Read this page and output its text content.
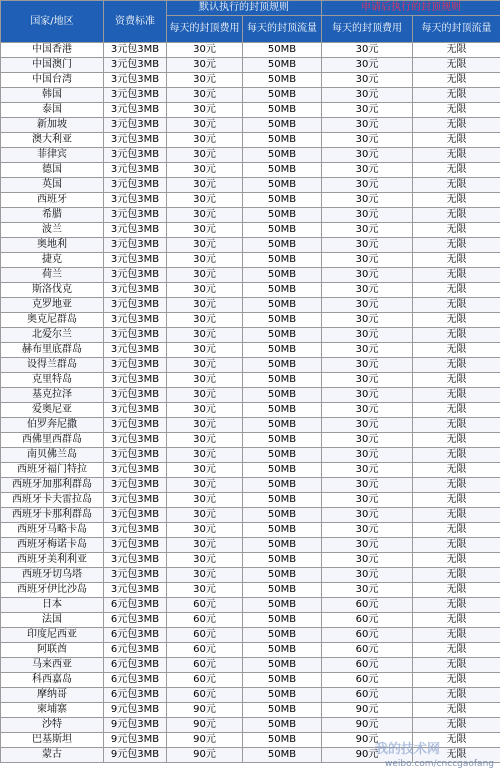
国家/地区	资费标准	默认执行的封顶规则		申请后执行的封顶规则	
		每天的封顶费用	每天的封顶流量	每天的封顶费用	每天的封顶流量
中国香港	3元包3MB	30元	50MB	30元	无限
中国澳门	3元包3MB	30元	50MB	30元	无限
中国台湾	3元包3MB	30元	50MB	30元	无限
韩国	3元包3MB	30元	50MB	30元	无限
泰国	3元包3MB	30元	50MB	30元	无限
新加坡	3元包3MB	30元	50MB	30元	无限
澳大利亚	3元包3MB	30元	50MB	30元	无限
菲律宾	3元包3MB	30元	50MB	30元	无限
德国	3元包3MB	30元	50MB	30元	无限
英国	3元包3MB	30元	50MB	30元	无限
西班牙	3元包3MB	30元	50MB	30元	无限
希腊	3元包3MB	30元	50MB	30元	无限
波兰	3元包3MB	30元	50MB	30元	无限
奥地利	3元包3MB	30元	50MB	30元	无限
捷克	3元包3MB	30元	50MB	30元	无限
荷兰	3元包3MB	30元	50MB	30元	无限
斯洛伐克	3元包3MB	30元	50MB	30元	无限
克罗地亚	3元包3MB	30元	50MB	30元	无限
奥克尼群岛	3元包3MB	30元	50MB	30元	无限
北爱尔兰	3元包3MB	30元	50MB	30元	无限
赫布里底群岛	3元包3MB	30元	50MB	30元	无限
设得兰群岛	3元包3MB	30元	50MB	30元	无限
克里特岛	3元包3MB	30元	50MB	30元	无限
基克拉泽	3元包3MB	30元	50MB	30元	无限
爱奥尼亚	3元包3MB	30元	50MB	30元	无限
伯罗奔尼撒	3元包3MB	30元	50MB	30元	无限
西佛里西群岛	3元包3MB	30元	50MB	30元	无限
南贝佛兰岛	3元包3MB	30元	50MB	30元	无限
西班牙福门特拉	3元包3MB	30元	50MB	30元	无限
西班牙加那利群岛	3元包3MB	30元	50MB	30元	无限
西班牙卡夫雷拉岛	3元包3MB	30元	50MB	30元	无限
西班牙卡那利群岛	3元包3MB	30元	50MB	30元	无限
西班牙马略卡岛	3元包3MB	30元	50MB	30元	无限
西班牙梅诺卡岛	3元包3MB	30元	50MB	30元	无限
西班牙美利利亚	3元包3MB	30元	50MB	30元	无限
西班牙切乌塔	3元包3MB	30元	50MB	30元	无限
西班牙伊比沙岛	3元包3MB	30元	50MB	30元	无限
日本	6元包3MB	60元	50MB	60元	无限
法国	6元包3MB	60元	50MB	60元	无限
印度尼西亚	6元包3MB	60元	50MB	60元	无限
阿联酋	6元包3MB	60元	50MB	60元	无限
马来西亚	6元包3MB	60元	50MB	60元	无限
科西嘉岛	6元包3MB	60元	50MB	60元	无限
摩纳哥	6元包3MB	60元	50MB	60元	无限
柬埔寨	9元包3MB	90元	50MB	90元	无限
沙特	9元包3MB	90元	50MB	90元	无限
巴基斯坦	9元包3MB	90元	50MB	90元	无限
蒙古	9元包3MB	90元	50MB	90元	无限
我的技术网
weibo.com/cnccgaofang
